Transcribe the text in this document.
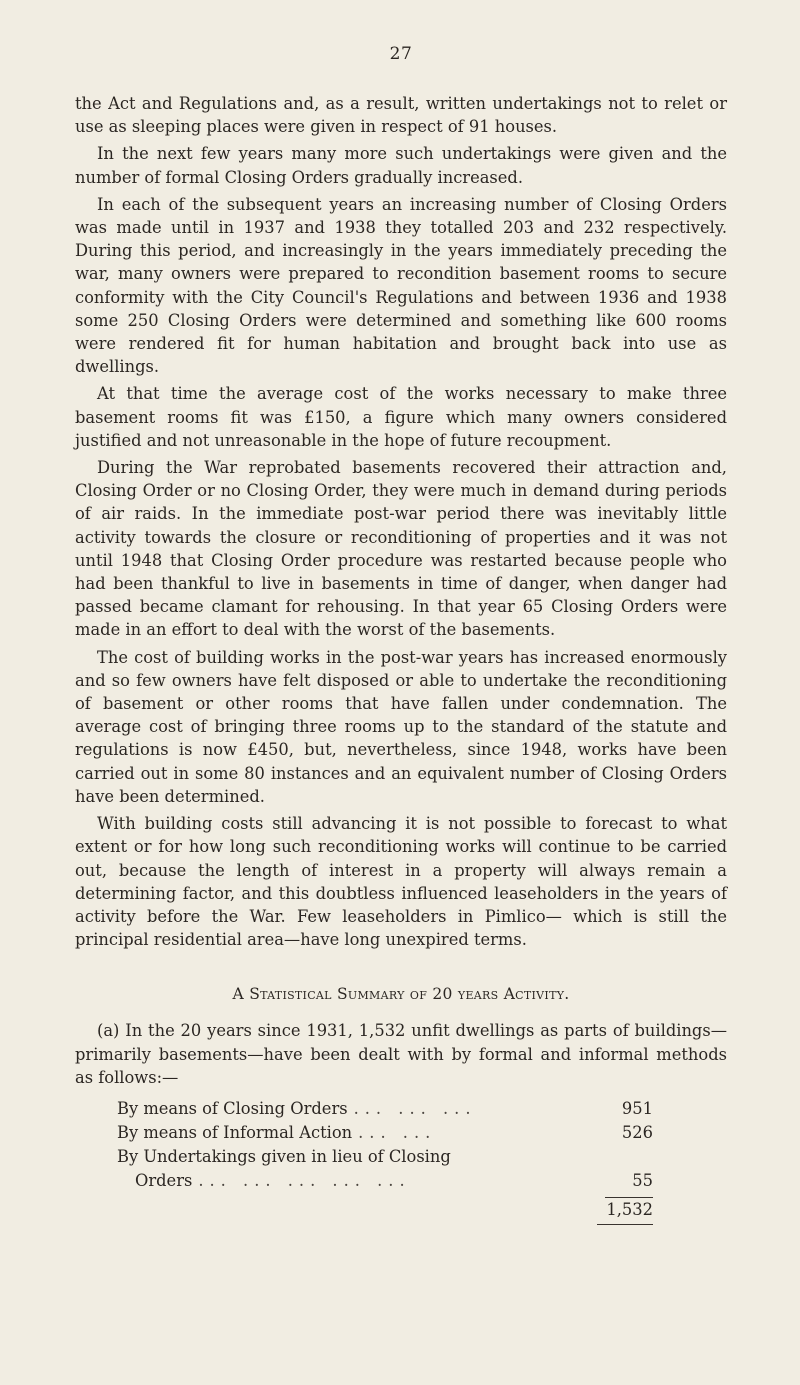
27

the Act and Regulations and, as a result, written undertakings not to relet or use as sleeping places were given in respect of 91 houses.

In the next few years many more such undertakings were given and the number of formal Closing Orders gradually increased.

In each of the subsequent years an increasing number of Closing Orders was made until in 1937 and 1938 they totalled 203 and 232 respectively. During this period, and increasingly in the years immediately preceding the war, many owners were prepared to recondition basement rooms to secure conformity with the City Council's Regulations and between 1936 and 1938 some 250 Closing Orders were determined and something like 600 rooms were rendered fit for human habitation and brought back into use as dwellings.

At that time the average cost of the works necessary to make three basement rooms fit was £150, a figure which many owners considered justified and not unreasonable in the hope of future recoupment.

During the War reprobated basements recovered their attraction and, Closing Order or no Closing Order, they were much in demand during periods of air raids. In the immediate post-war period there was inevitably little activity towards the closure or reconditioning of properties and it was not until 1948 that Closing Order procedure was restarted because people who had been thankful to live in basements in time of danger, when danger had passed became clamant for rehousing. In that year 65 Closing Orders were made in an effort to deal with the worst of the basements.

The cost of building works in the post-war years has increased enormously and so few owners have felt disposed or able to undertake the reconditioning of basement or other rooms that have fallen under condemnation. The average cost of bringing three rooms up to the standard of the statute and regulations is now £450, but, nevertheless, since 1948, works have been carried out in some 80 instances and an equivalent number of Closing Orders have been determined.

With building costs still advancing it is not possible to forecast to what extent or for how long such reconditioning works will continue to be carried out, because the length of interest in a property will always remain a determining factor, and this doubtless influenced leaseholders in the years of activity before the War. Few leaseholders in Pimlico— which is still the principal residential area—have long unexpired terms.

A Statistical Summary of 20 years Activity.

(a) In the 20 years since 1931, 1,532 unfit dwellings as parts of buildings—primarily basements—have been dealt with by formal and informal methods as follows:—

By means of Closing Orders ... ... ...	951
By means of Informal Action ... ...	526
By Undertakings given in lieu of Closing
Orders ... ... ... ... ...	55
1,532
